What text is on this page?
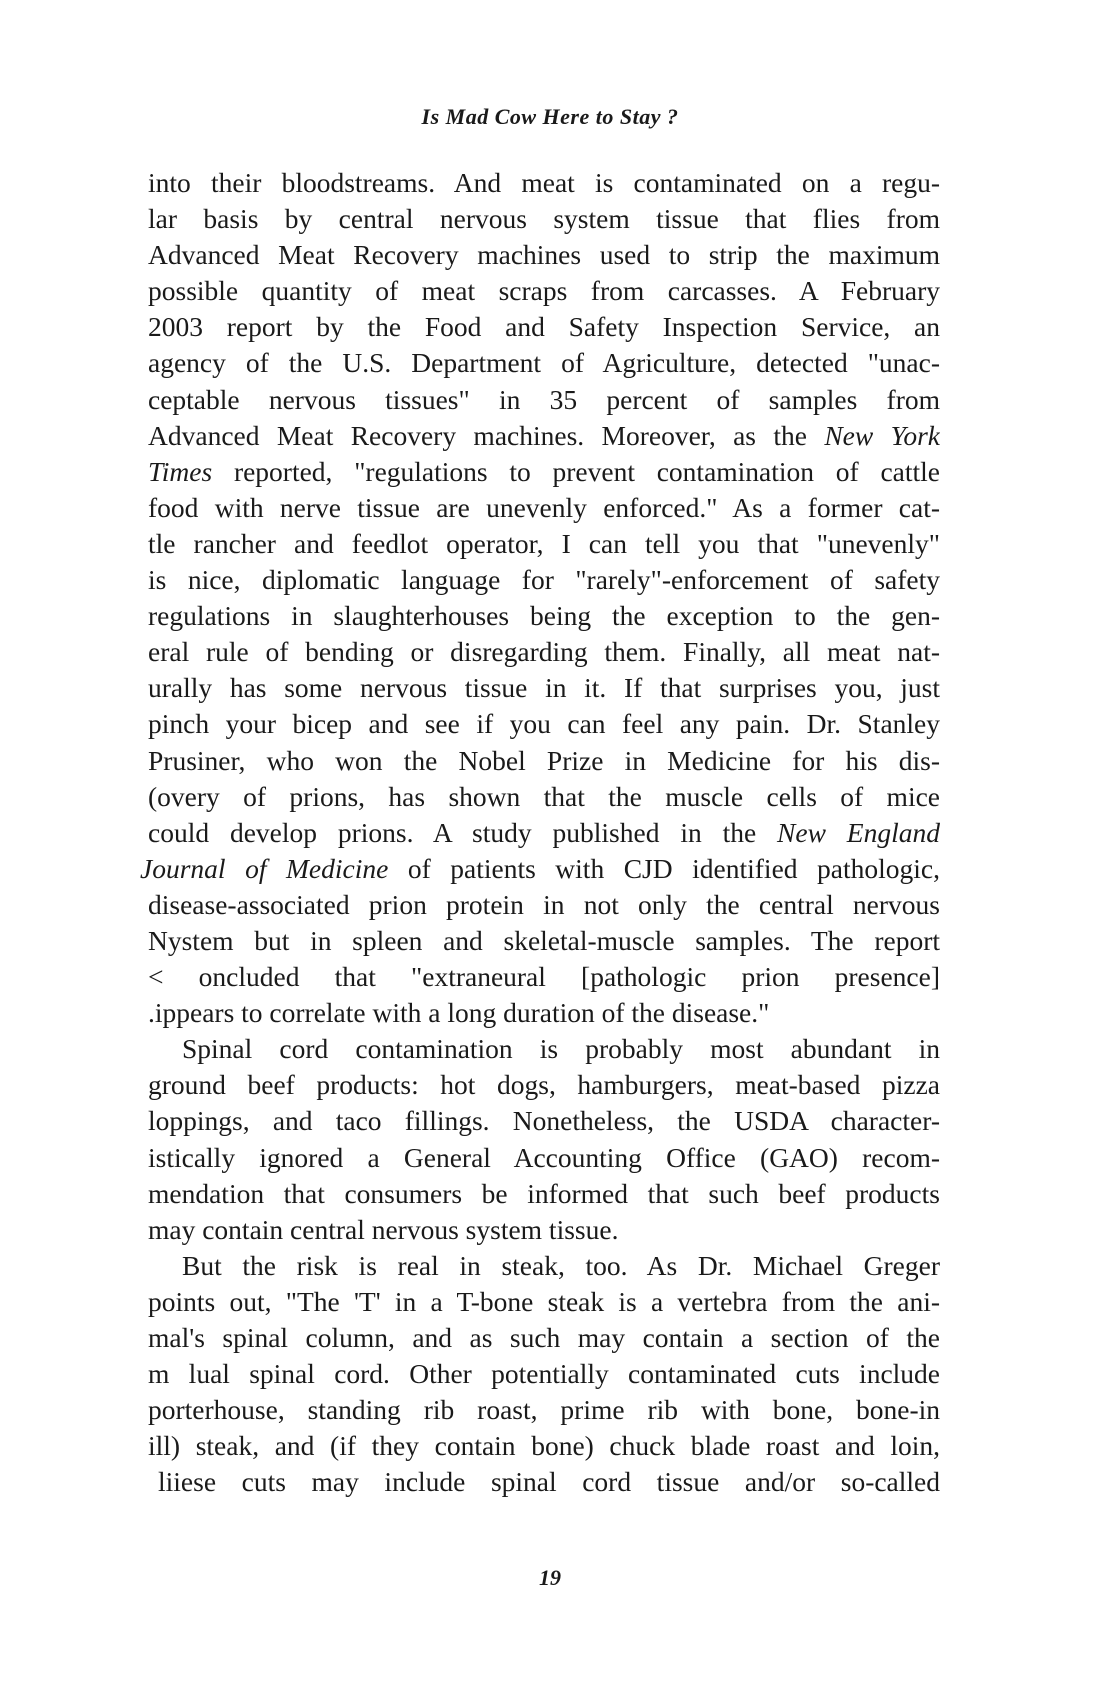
Is Mad Cow Here to Stay ?
into their bloodstreams. And meat is contaminated on a regu-
lar basis by central nervous system tissue that flies from
Advanced Meat Recovery machines used to strip the maximum
possible quantity of meat scraps from carcasses. A February
2003 report by the Food and Safety Inspection Service, an
agency of the U.S. Department of Agriculture, detected "unac-
ceptable nervous tissues" in 35 percent of samples from
Advanced Meat Recovery machines. Moreover, as the New York
Times reported, "regulations to prevent contamination of cattle
food with nerve tissue are unevenly enforced." As a former cat-
tle rancher and feedlot operator, I can tell you that "unevenly"
is nice, diplomatic language for "rarely"-enforcement of safety
regulations in slaughterhouses being the exception to the gen-
eral rule of bending or disregarding them. Finally, all meat nat-
urally has some nervous tissue in it. If that surprises you, just
pinch your bicep and see if you can feel any pain. Dr. Stanley
Prusiner, who won the Nobel Prize in Medicine for his dis-
(overy of prions, has shown that the muscle cells of mice
could develop prions. A study published in the New England
Journal of Medicine of patients with CJD identified pathologic,
disease-associated prion protein in not only the central nervous
Nystem but in spleen and skeletal-muscle samples. The report
< oncluded that "extraneural [pathologic prion presence]
.ippears to correlate with a long duration of the disease."
Spinal cord contamination is probably most abundant in
ground beef products: hot dogs, hamburgers, meat-based pizza
loppings, and taco fillings. Nonetheless, the USDA character-
istically ignored a General Accounting Office (GAO) recom-
mendation that consumers be informed that such beef products
may contain central nervous system tissue.
But the risk is real in steak, too. As Dr. Michael Greger
points out, "The 'T' in a T-bone steak is a vertebra from the ani-
mal's spinal column, and as such may contain a section of the
m lual spinal cord. Other potentially contaminated cuts include
porterhouse, standing rib roast, prime rib with bone, bone-in
ill) steak, and (if they contain bone) chuck blade roast and loin,
liiese cuts may include spinal cord tissue and/or so-called
19
